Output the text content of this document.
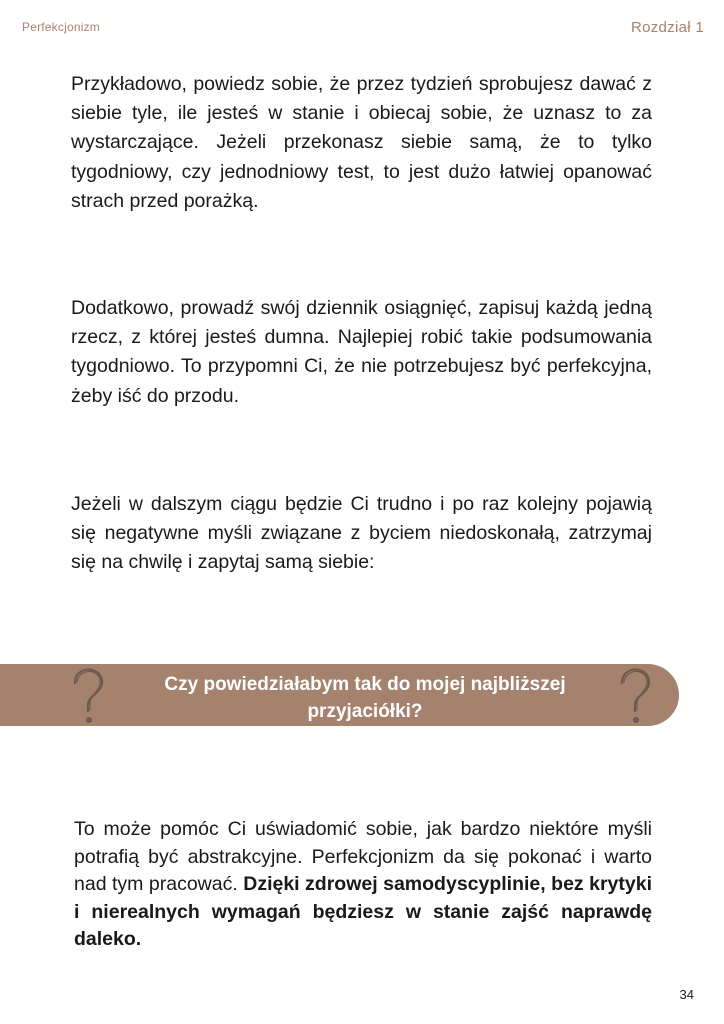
Perfekcjonizm	Rozdział 1

Przykładowo, powiedz sobie, że przez tydzień sprobujesz dawać z siebie tyle, ile jesteś w stanie i obiecaj sobie, że uznasz to za wystarczające. Jeżeli przekonasz siebie samą, że to tylko tygodniowy, czy jednodniowy test, to jest dużo łatwiej opanować strach przed porażką.

Dodatkowo, prowadź swój dziennik osiągnięć, zapisuj każdą jedną rzecz, z której jesteś dumna. Najlepiej robić takie podsumowania tygodniowo. To przypomni Ci, że nie potrzebujesz być perfekcyjna, żeby iść do przodu.

Jeżeli w dalszym ciągu będzie Ci trudno i po raz kolejny pojawią się negatywne myśli związane z byciem niedoskonałą, zatrzymaj się na chwilę i zapytaj samą siebie:

Czy powiedziałabym tak do mojej najbliższej przyjaciółki?

To może pomóc Ci uświadomić sobie, jak bardzo niektóre myśli potrafią być abstrakcyjne. Perfekcjonizm da się pokonać i warto nad tym pracować. Dzięki zdrowej samodyscyplinie, bez krytyki i nierealnych wymagań będziesz w stanie zajść naprawdę daleko.

34
